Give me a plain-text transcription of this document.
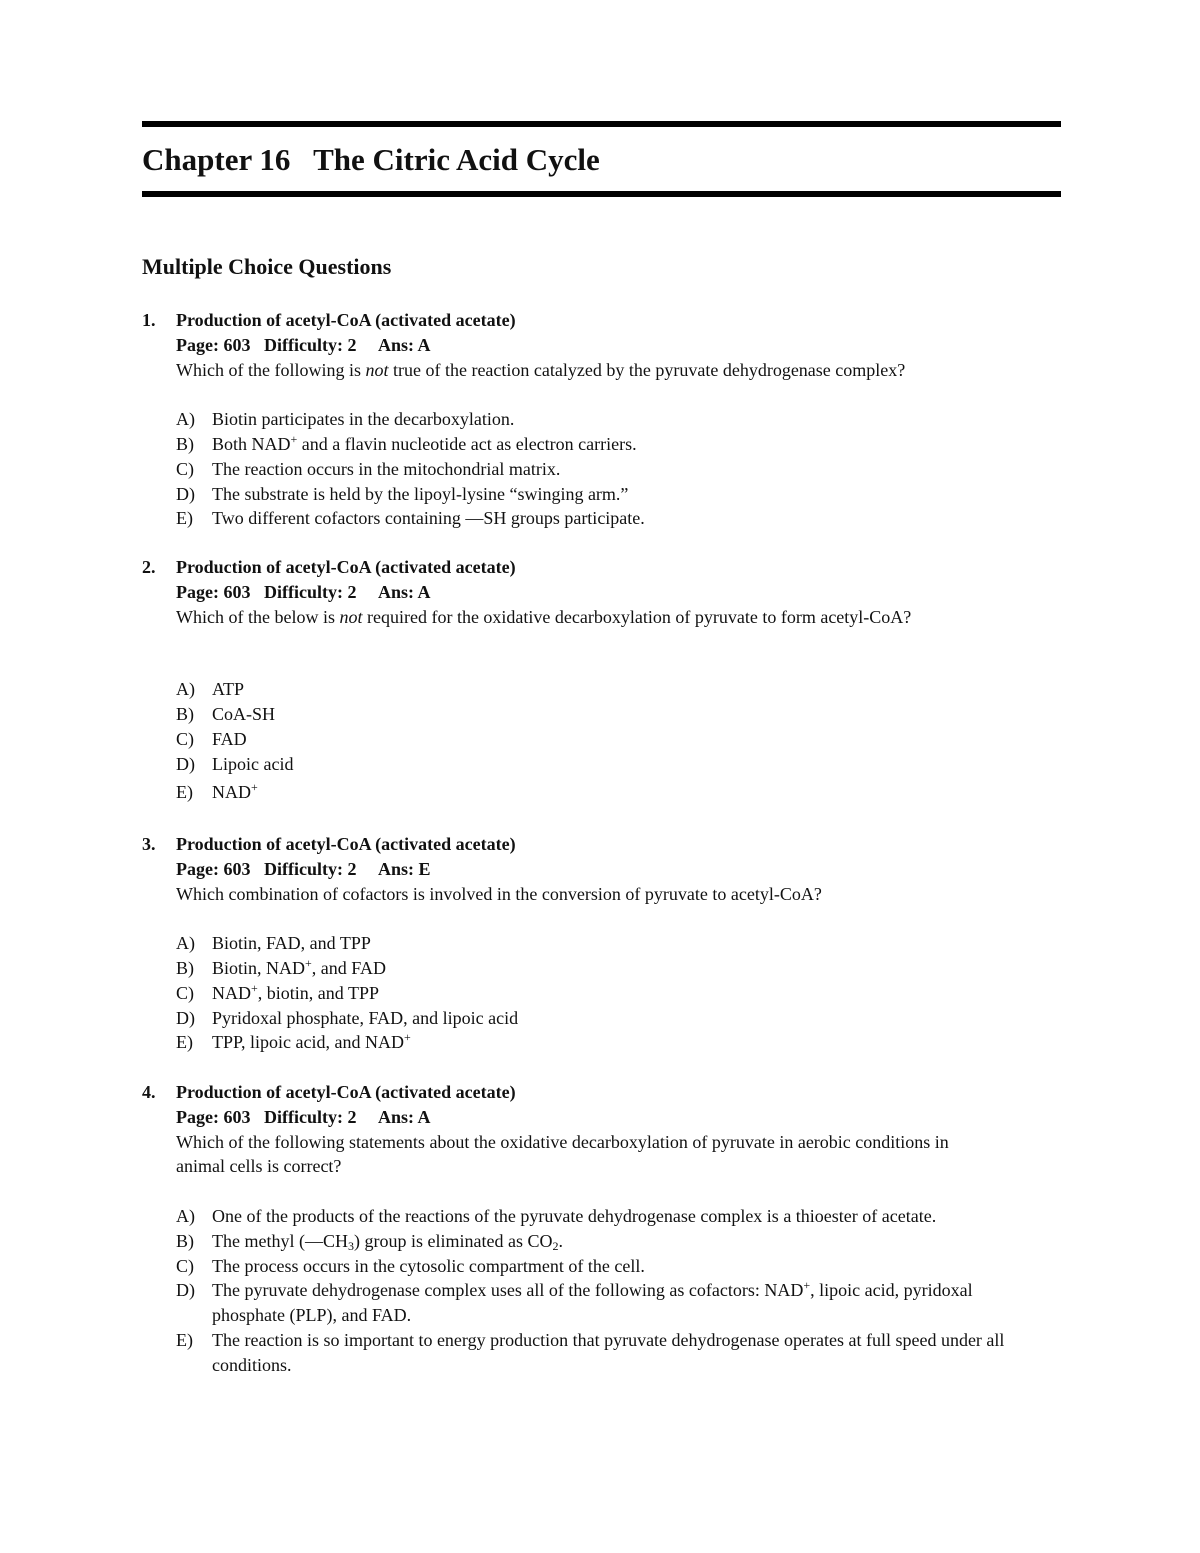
Chapter 16   The Citric Acid Cycle
Multiple Choice Questions
1. Production of acetyl-CoA (activated acetate)
Page: 603 Difficulty: 2 Ans: A
Which of the following is not true of the reaction catalyzed by the pyruvate dehydrogenase complex?
A) Biotin participates in the decarboxylation.
B) Both NAD+ and a flavin nucleotide act as electron carriers.
C) The reaction occurs in the mitochondrial matrix.
D) The substrate is held by the lipoyl-lysine “swinging arm.”
E) Two different cofactors containing —SH groups participate.
2. Production of acetyl-CoA (activated acetate)
Page: 603 Difficulty: 2 Ans: A
Which of the below is not required for the oxidative decarboxylation of pyruvate to form acetyl-CoA?
A) ATP
B) CoA-SH
C) FAD
D) Lipoic acid
E) NAD+
3. Production of acetyl-CoA (activated acetate)
Page: 603 Difficulty: 2 Ans: E
Which combination of cofactors is involved in the conversion of pyruvate to acetyl-CoA?
A) Biotin, FAD, and TPP
B) Biotin, NAD+, and FAD
C) NAD+, biotin, and TPP
D) Pyridoxal phosphate, FAD, and lipoic acid
E) TPP, lipoic acid, and NAD+
4. Production of acetyl-CoA (activated acetate)
Page: 603 Difficulty: 2 Ans: A
Which of the following statements about the oxidative decarboxylation of pyruvate in aerobic conditions in animal cells is correct?
A) One of the products of the reactions of the pyruvate dehydrogenase complex is a thioester of acetate.
B) The methyl $(—CH_3)$ group is eliminated as $CO_2$.
C) The process occurs in the cytosolic compartment of the cell.
D) The pyruvate dehydrogenase complex uses all of the following as cofactors: NAD+, lipoic acid, pyridoxal phosphate (PLP), and FAD.
E) The reaction is so important to energy production that pyruvate dehydrogenase operates at full speed under all conditions.
